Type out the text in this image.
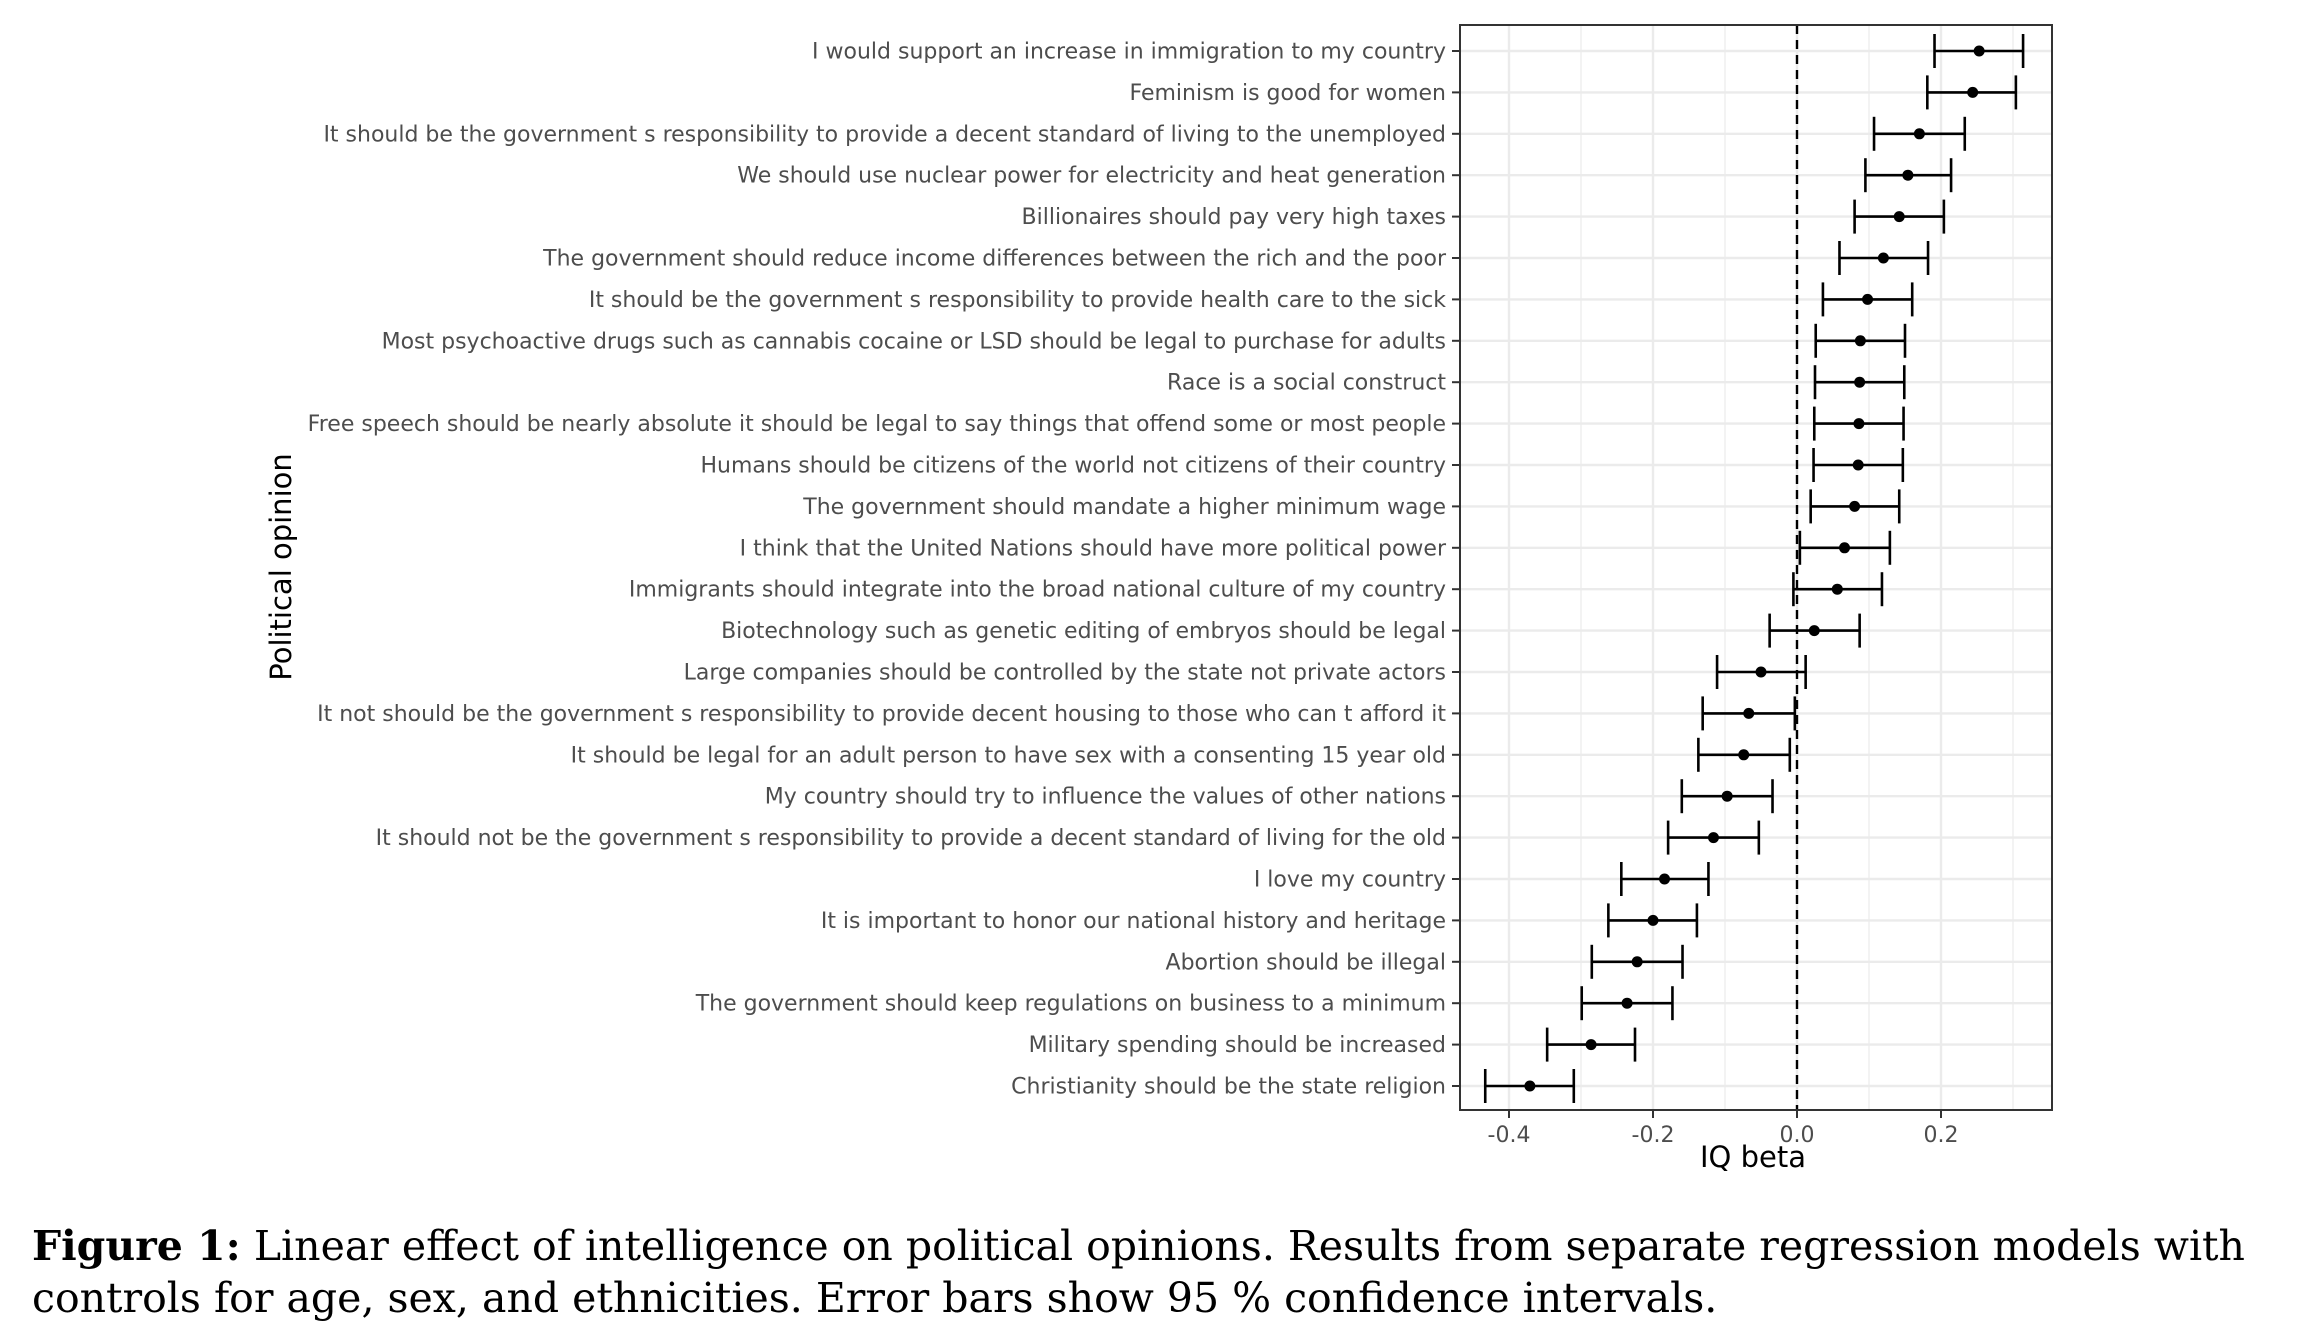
I would support an increase in immigration to my country
Feminism is good for women
It should be the government s responsibility to provide a decent standard of living to the unemployed
We should use nuclear power for electricity and heat generation
Billionaires should pay very high taxes
The government should reduce income differences between the rich and the poor
It should be the government s responsibility to provide health care to the sick
Most psychoactive drugs such as cannabis cocaine or LSD should be legal to purchase for adults
Race is a social construct
Free speech should be nearly absolute it should be legal to say things that offend some or most people
Humans should be citizens of the world not citizens of their country
The government should mandate a higher minimum wage
I think that the United Nations should have more political power
Immigrants should integrate into the broad national culture of my country
Biotechnology such as genetic editing of embryos should be legal
Large companies should be controlled by the state not private actors
It not should be the government s responsibility to provide decent housing to those who can t afford it
It should be legal for an adult person to have sex with a consenting 15 year old
My country should try to influence the values of other nations
It should not be the government s responsibility to provide a decent standard of living for the old
I love my country
It is important to honor our national history and heritage
Abortion should be illegal
The government should keep regulations on business to a minimum
Military spending should be increased
Christianity should be the state religion
-0.4	-0.2	0.0	0.2
IQ beta
Political opinion
Figure 1: Linear effect of intelligence on political opinions. Results from separate regression models with controls for age, sex, and ethnicities. Error bars show 95 % confidence intervals.
